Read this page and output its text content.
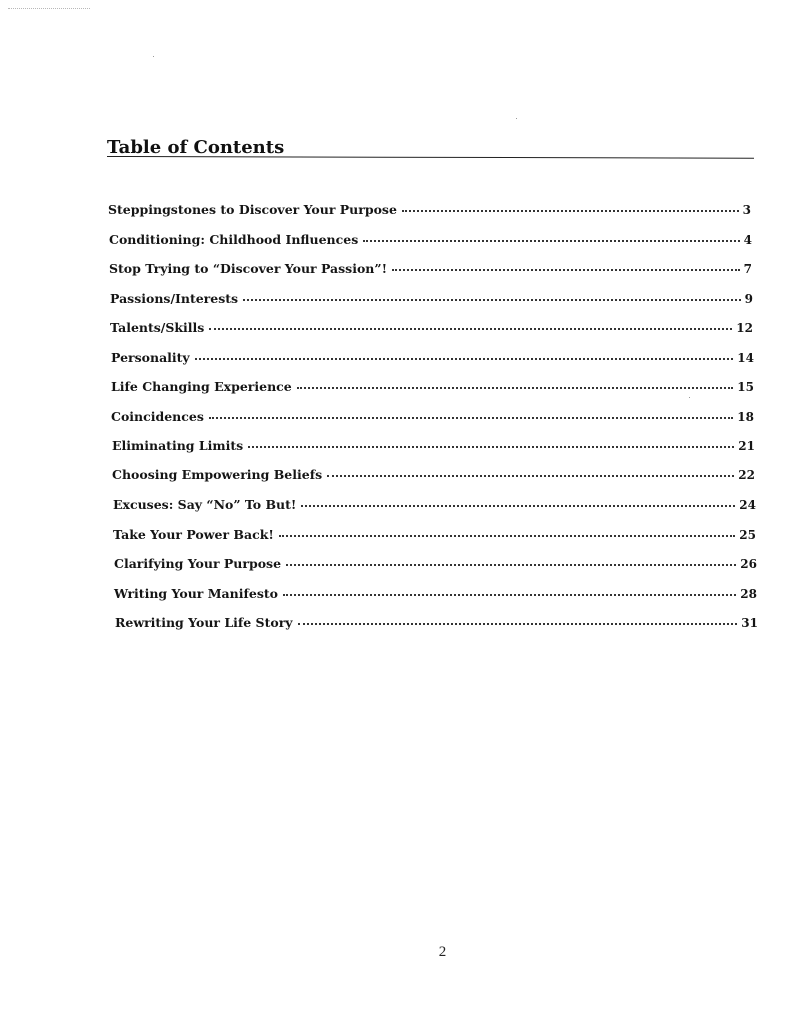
Table of Contents
Steppingstones to Discover Your Purpose	3
Conditioning: Childhood Influences	4
Stop Trying to “Discover Your Passion”!	7
Passions/Interests	9
Talents/Skills	12
Personality	14
Life Changing Experience	15
Coincidences	18
Eliminating Limits	21
Choosing Empowering Beliefs	22
Excuses: Say “No” To But!	24
Take Your Power Back!	25
Clarifying Your Purpose	26
Writing Your Manifesto	28
Rewriting Your Life Story	31
2
